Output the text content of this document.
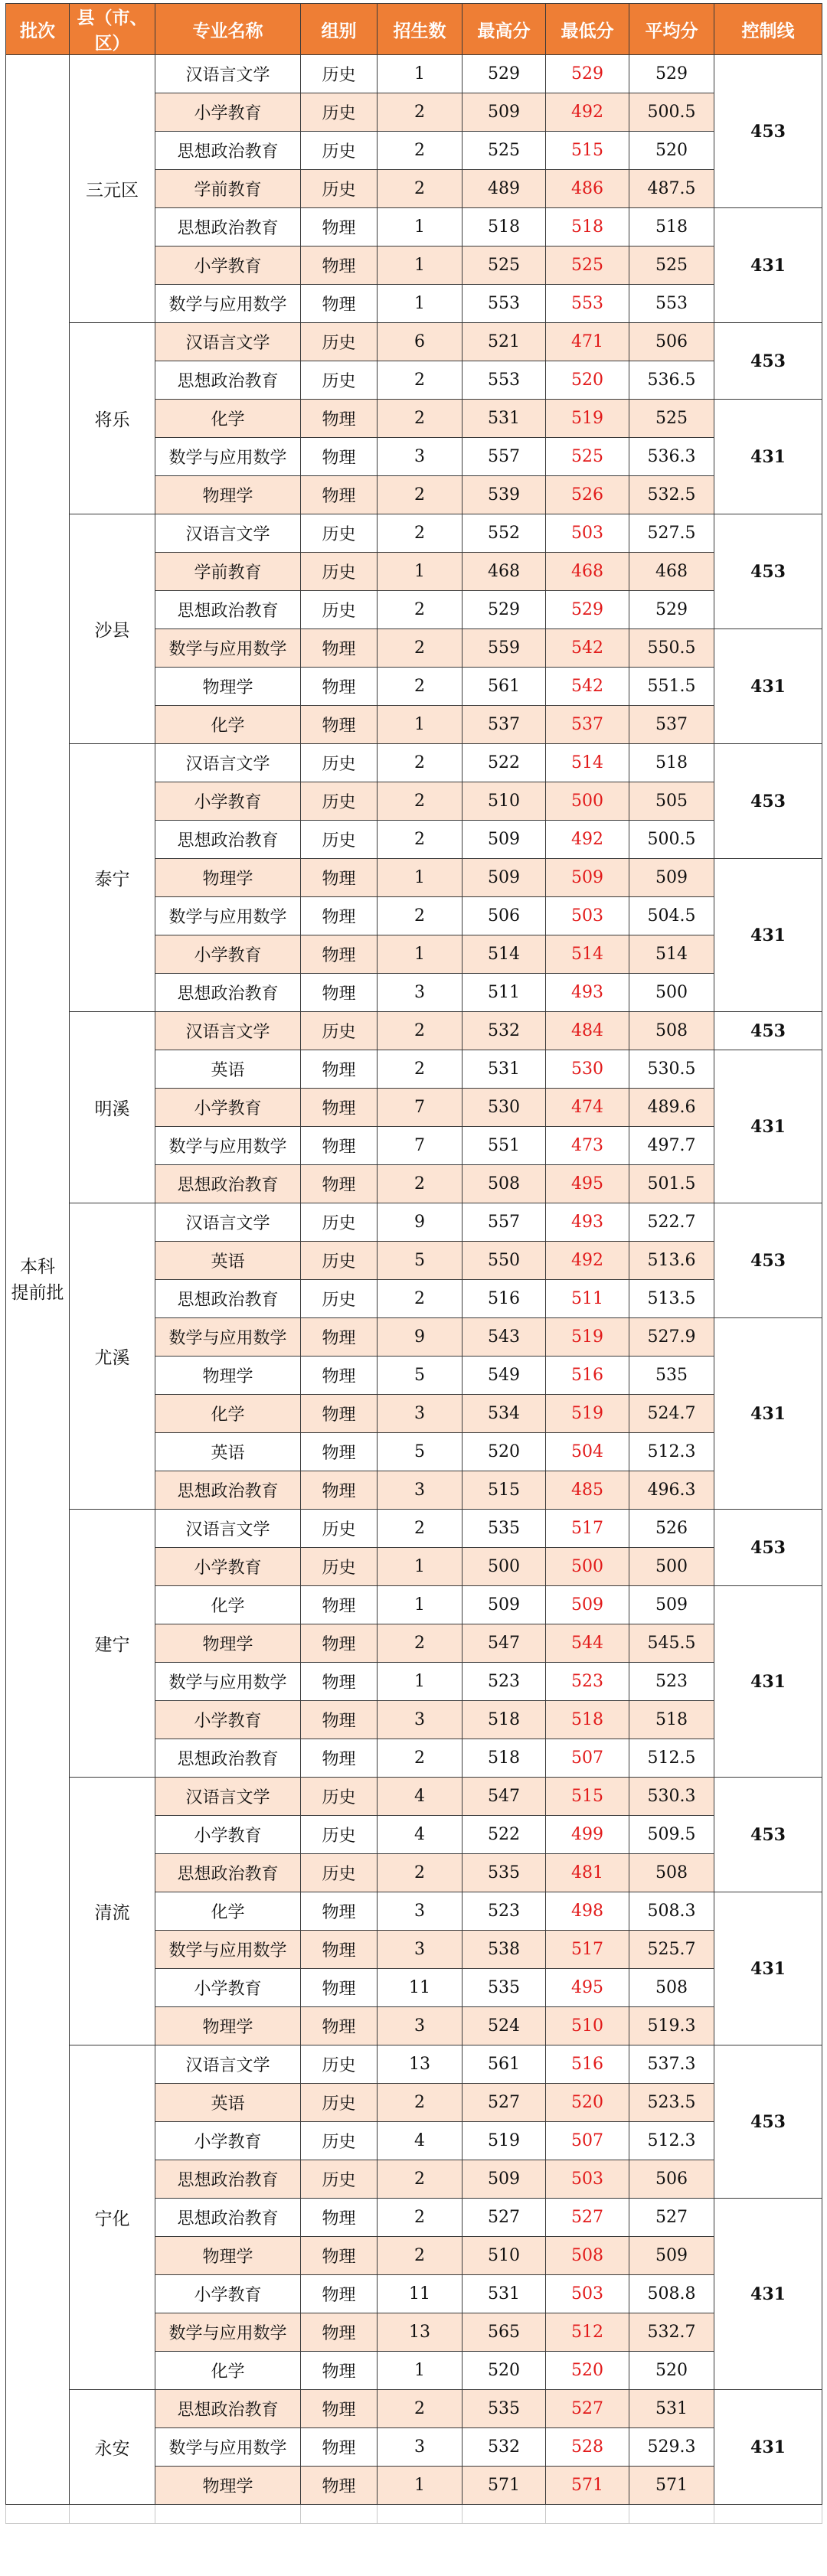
批次	县（市、区）	专业名称	组别	招生数	最高分	最低分	平均分	控制线

本科
提前批	三元区	汉语言文学	历史	1	529	529	529	453
		小学教育	历史	2	509	492	500.5	
		思想政治教育	历史	2	525	515	520	
		学前教育	历史	2	489	486	487.5	
		思想政治教育	物理	1	518	518	518	431
		小学教育	物理	1	525	525	525	
		数学与应用数学	物理	1	553	553	553	
	将乐	汉语言文学	历史	6	521	471	506	453
		思想政治教育	历史	2	553	520	536.5	
		化学	物理	2	531	519	525	431
		数学与应用数学	物理	3	557	525	536.3	
		物理学	物理	2	539	526	532.5	
	沙县	汉语言文学	历史	2	552	503	527.5	453
		学前教育	历史	1	468	468	468	
		思想政治教育	历史	2	529	529	529	
		数学与应用数学	物理	2	559	542	550.5	431
		物理学	物理	2	561	542	551.5	
		化学	物理	1	537	537	537	
	泰宁	汉语言文学	历史	2	522	514	518	453
		小学教育	历史	2	510	500	505	
		思想政治教育	历史	2	509	492	500.5	
		物理学	物理	1	509	509	509	431
		数学与应用数学	物理	2	506	503	504.5	
		小学教育	物理	1	514	514	514	
		思想政治教育	物理	3	511	493	500	
	明溪	汉语言文学	历史	2	532	484	508	453
		英语	物理	2	531	530	530.5	431
		小学教育	物理	7	530	474	489.6	
		数学与应用数学	物理	7	551	473	497.7	
		思想政治教育	物理	2	508	495	501.5	
	尤溪	汉语言文学	历史	9	557	493	522.7	453
		英语	历史	5	550	492	513.6	
		思想政治教育	历史	2	516	511	513.5	
		数学与应用数学	物理	9	543	519	527.9	431
		物理学	物理	5	549	516	535	
		化学	物理	3	534	519	524.7	
		英语	物理	5	520	504	512.3	
		思想政治教育	物理	3	515	485	496.3	
	建宁	汉语言文学	历史	2	535	517	526	453
		小学教育	历史	1	500	500	500	
		化学	物理	1	509	509	509	431
		物理学	物理	2	547	544	545.5	
		数学与应用数学	物理	1	523	523	523	
		小学教育	物理	3	518	518	518	
		思想政治教育	物理	2	518	507	512.5	
	清流	汉语言文学	历史	4	547	515	530.3	453
		小学教育	历史	4	522	499	509.5	
		思想政治教育	历史	2	535	481	508	
		化学	物理	3	523	498	508.3	431
		数学与应用数学	物理	3	538	517	525.7	
		小学教育	物理	11	535	495	508	
		物理学	物理	3	524	510	519.3	
	宁化	汉语言文学	历史	13	561	516	537.3	453
		英语	历史	2	527	520	523.5	
		小学教育	历史	4	519	507	512.3	
		思想政治教育	历史	2	509	503	506	
		思想政治教育	物理	2	527	527	527	431
		物理学	物理	2	510	508	509	
		小学教育	物理	11	531	503	508.8	
		数学与应用数学	物理	13	565	512	532.7	
		化学	物理	1	520	520	520	
	永安	思想政治教育	物理	2	535	527	531	431
		数学与应用数学	物理	3	532	528	529.3	
		物理学	物理	1	571	571	571	
